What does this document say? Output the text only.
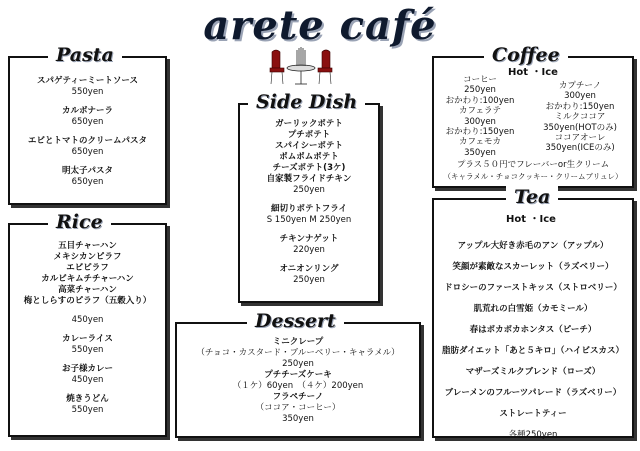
arete café
Pasta
スパゲティーミートソース
550yen
カルボナーラ
650yen
エビとトマトのクリームパスタ
650yen
明太子パスタ
650yen
Rice
五目チャーハン
メキシカンピラフ
エビピラフ
カルビキムチチャーハン
高菜チャーハン
梅としらすのピラフ（五穀入り）
450yen
カレーライス
550yen
お子様カレー
450yen
焼きうどん
550yen
Side Dish
ガーリックポテト
プチポテト
スパイシーポテト
ポムポムポテト
チーズポテト(3ケ)
自家製フライドチキン
250yen
細切りポテトフライ
S 150yen M 250yen
チキンナゲット
220yen
オニオンリング
250yen
Dessert
ミニクレープ
（チョコ・カスタード・ブルーベリー・キャラメル）
250yen
プチチーズケーキ
（１ケ）60yen　（４ケ）200yen
フラペチーノ
（ココア・コーヒー）
350yen
Coffee
Hot ・Ice
コーヒー
250yen
おかわり:100yen
カフェラテ
300yen
おかわり:150yen
カフェモカ
350yen
カプチーノ
300yen
おかわり:150yen
ミルクココア
350yen(HOTのみ)
ココアオーレ
350yen(ICEのみ)
プラス５０円でフレーバーor生クリーム
（キャラメル・チョコクッキー・クリームブリュレ）
Tea
Hot ・Ice
アップル大好き赤毛のアン（アップル）
笑顔が素敵なスカーレット（ラズベリー）
ドロシーのファーストキッス（ストロベリー）
肌荒れの白雪姫（カモミール）
春はポカポカホンタス（ピーチ）
脂肪ダイエット「あと５キロ」（ハイビスカス）
マザーズミルクブレンド（ローズ）
ブレーメンのフルーツパレード（ラズベリー）
ストレートティー
各種250yen
